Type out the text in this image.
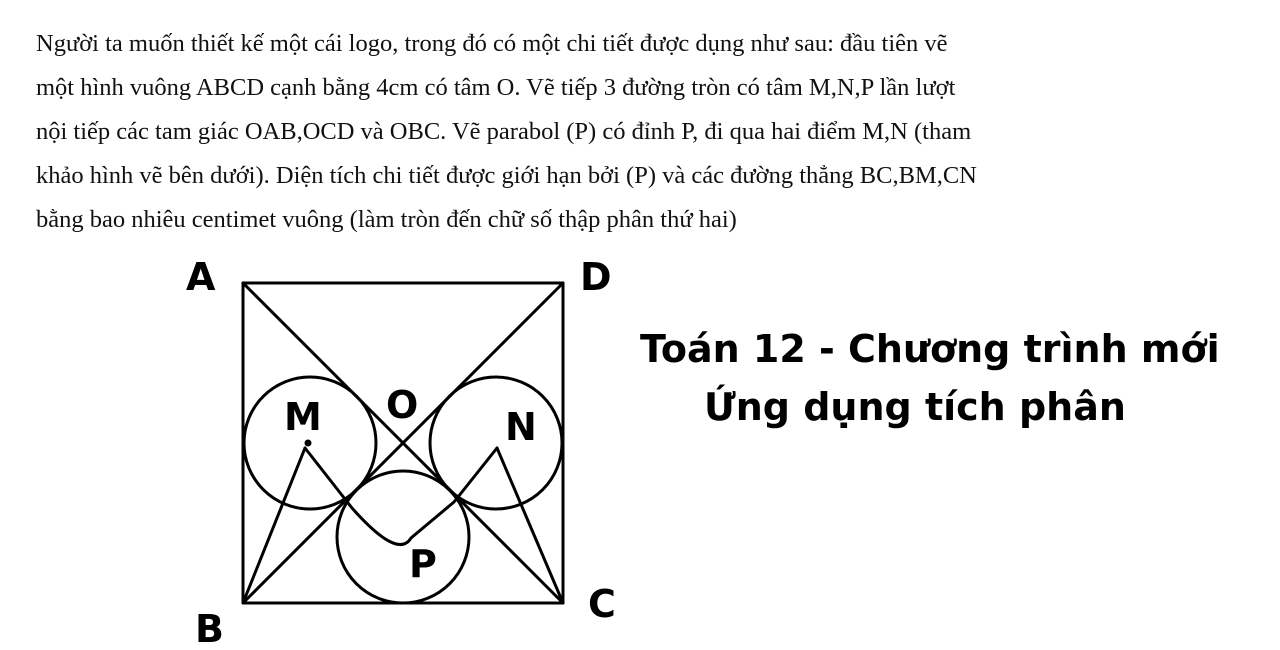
Người ta muốn thiết kế một cái logo, trong đó có một chi tiết được dụng như sau: đầu tiên vẽ
một hình vuông ABCD cạnh bằng 4cm có tâm O. Vẽ tiếp 3 đường tròn có tâm M,N,P lần lượt
nội tiếp các tam giác OAB,OCD và OBC. Vẽ parabol (P) có đỉnh P, đi qua hai điểm M,N (tham
khảo hình vẽ bên dưới). Diện tích chi tiết được giới hạn bởi (P) và các đường thẳng BC,BM,CN
bằng bao nhiêu centimet vuông (làm tròn đến chữ số thập phân thứ hai)
A	D
B
C
O
M	N
P
Toán 12 - Chương trình mới
Ứng dụng tích phân
